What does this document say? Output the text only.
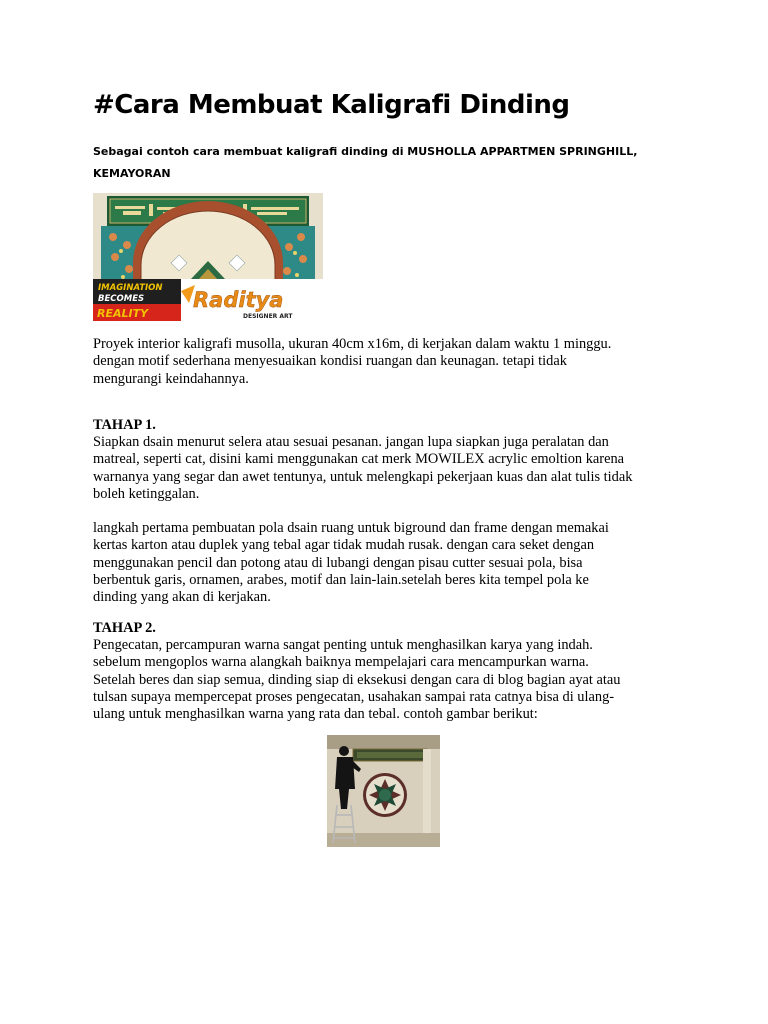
#Cara Membuat Kaligrafi Dinding

Sebagai contoh cara membuat kaligrafi dinding di MUSHOLLA APPARTMEN SPRINGHILL,
KEMAYORAN

IMAGINATION
BECOMES
REALITY
Raditya
DESIGNER ART

Proyek interior kaligrafi musolla, ukuran 40cm x16m, di kerjakan dalam waktu 1 minggu.
dengan motif sederhana menyesuaikan kondisi ruangan dan keunagan. tetapi tidak
mengurangi keindahannya.

TAHAP 1.

Siapkan dsain menurut selera atau sesuai pesanan. jangan lupa siapkan juga peralatan dan
matreal, seperti cat, disini kami menggunakan cat merk MOWILEX acrylic emoltion karena
warnanya yang segar dan awet tentunya, untuk melengkapi pekerjaan kuas dan alat tulis tidak
boleh ketinggalan.

langkah pertama pembuatan pola dsain ruang untuk biground dan frame dengan memakai
kertas karton atau duplek yang tebal agar tidak mudah rusak. dengan cara seket dengan
menggunakan pencil dan potong atau di lubangi dengan pisau cutter sesuai pola, bisa
berbentuk garis, ornamen, arabes, motif dan lain-lain.setelah beres kita tempel pola ke
dinding yang akan di kerjakan.

TAHAP 2.

Pengecatan, percampuran warna sangat penting untuk menghasilkan karya yang indah.
sebelum mengoplos warna alangkah baiknya mempelajari cara mencampurkan warna.
Setelah beres dan siap semua, dinding siap di eksekusi dengan cara di blog bagian ayat atau
tulsan supaya mempercepat proses pengecatan, usahakan sampai rata catnya bisa di ulang-
ulang untuk menghasilkan warna yang rata dan tebal. contoh gambar berikut:
